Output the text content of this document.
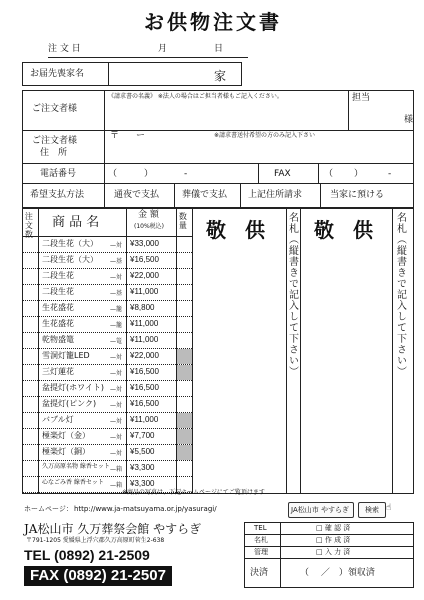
お供物注文書
注 文 日	月	日
お届先喪家名	家
ご注文者様
《請求書の名義》 ※法人の場合はご担当者様もご記入ください。	担当
様
ご注文者様
住　所
〒 ー	※請求書送付希望の方のみ記入下さい
電話番号	（	）	-	FAX	（ ）	-
希望支払方法	通夜で支払	葬儀で支払 上記住所請求	当家に預ける
注文数 商 品 名	金 額
(10%税込) 数量
二段生花（大） —対 ¥33,000
二段生花（大） —基 ¥16,500
二段生花	—対 ¥22,000
二段生花	—基 ¥11,000
生花盛花	—籠 ¥8,800
生花盛花	—籠 ¥11,000
乾物盛篭	—篭 ¥11,000
雪洞灯籠LED	—対 ¥22,000
三灯蓮花	—対 ¥16,500
盆提灯(ホワイト) —対 ¥16,500
盆提灯(ピンク) —対 ¥16,500
バブル灯	—対 ¥11,000
極楽灯（金）	—対 ¥7,700
極楽灯（銅）	—対 ¥5,500
久万高原名物 線香セット —箱 ¥3,300
心なごみ香 線香セット —箱 ¥3,300
敬 供 敬 供
名札（縦書きで記入して下さい）	名札（縦書きで記入して下さい）
※商品の写真は、下記ホームページにてご覧頂けます
ホームページ： http://www.ja-matsuyama.or.jp/yasuragi/	JA松山市 やすらぎ	検索 ☝
JA松山市 久万葬祭会館 やすらぎ
〒791-1205 愛媛県上浮穴郡久万高原町菅生2-638
TEL (0892) 21-2509
FAX (0892) 21-2507
TEL	□ 確 認 済
名札	□ 作 成 済
管理	□ 入 力 済
決済	（　 ／　）領収済
